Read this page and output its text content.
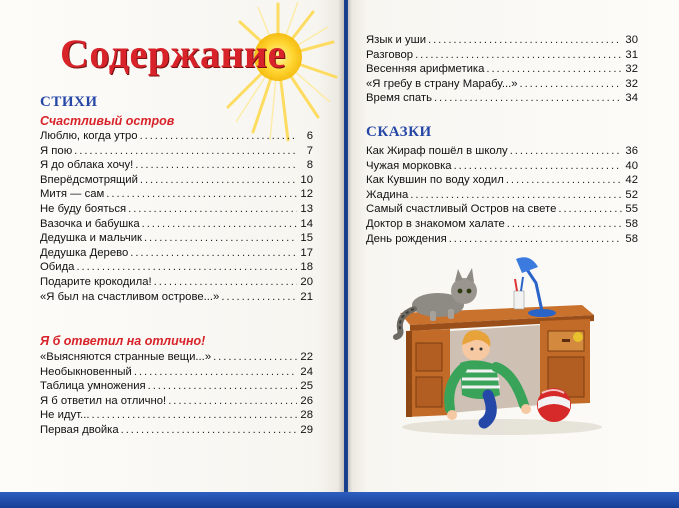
Содержание
СТИХИ
Счастливый остров
Люблю, когда утро . . .	6
Я пою . . .	7
Я до облака хочу! . . .	8
Вперёдсмотрящий . . .	10
Митя — сам . . .	12
Не буду бояться . . .	13
Вазочка и бабушка . . .	14
Дедушка и мальчик . . .	15
Дедушка Дерево . . .	17
Обида . . .	18
Подарите крокодила! . . .	20
«Я был на счастливом острове...» . . .	21
Я б ответил на отлично!
«Выясняются странные вещи...» . . .	22
Необыкновенный . . .	24
Таблица умножения . . .	25
Я б ответил на отлично! . . .	26
Не идут... . . .	28
Первая двойка . . .	29
Язык и уши . . .	30
Разговор . . .	31
Весенняя арифметика . . .	32
«Я гребу в страну Марабу...» . . .	32
Время спать . . .	34
СКАЗКИ
Как Жираф пошёл в школу . . .	36
Чужая морковка . . .	40
Как Кувшин по воду ходил . . .	42
Жадина . . .	52
Самый счастливый Остров на свете . . .	55
Доктор в знакомом халате . . .	58
День рождения . . .	58
